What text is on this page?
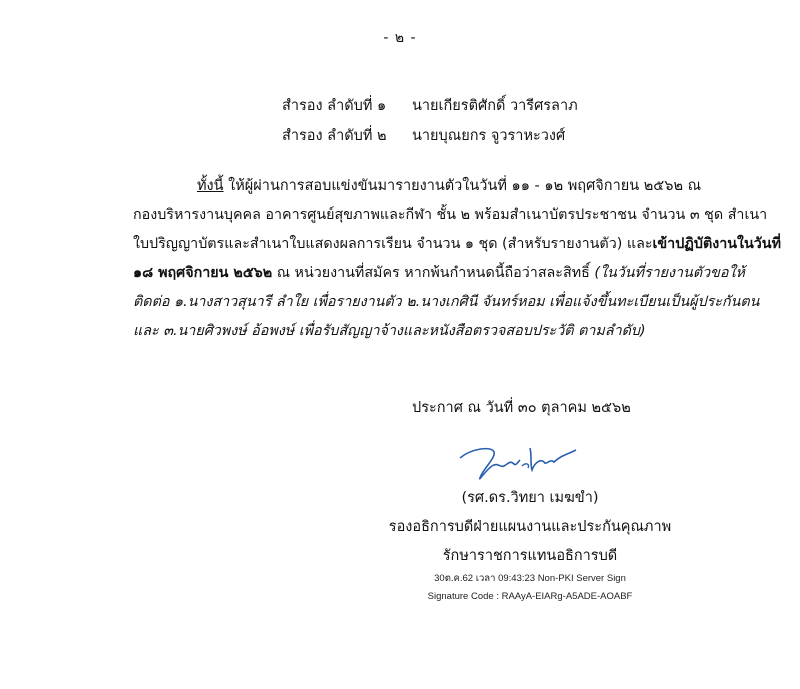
- ๒ -
สำรอง ลำดับที่ ๑ นายเกียรติศักดิ์ วารีศรลาภ
สำรอง ลำดับที่ ๒ นายบุณยกร จูวราหะวงศ์
ทั้งนี้ ให้ผู้ผ่านการสอบแข่งขันมารายงานตัวในวันที่ ๑๑ - ๑๒ พฤศจิกายน ๒๕๖๒ ณ
กองบริหารงานบุคคล อาคารศูนย์สุขภาพและกีฬา ชั้น ๒ พร้อมสำเนาบัตรประชาชน จำนวน ๓ ชุด สำเนา
ใบปริญญาบัตรและสำเนาใบแสดงผลการเรียน จำนวน ๑ ชุด (สำหรับรายงานตัว) และเข้าปฏิบัติงานในวันที่
๑๘ พฤศจิกายน ๒๕๖๒ ณ หน่วยงานที่สมัคร หากพ้นกำหนดนี้ถือว่าสละสิทธิ์ (ในวันที่รายงานตัวขอให้
ติดต่อ ๑.นางสาวสุนารี ลำใย เพื่อรายงานตัว ๒.นางเกศินี จันทร์หอม เพื่อแจ้งขึ้นทะเบียนเป็นผู้ประกันตน
และ ๓.นายศิวพงษ์ อ้อพงษ์ เพื่อรับสัญญาจ้างและหนังสือตรวจสอบประวัติ ตามลำดับ)
ประกาศ ณ วันที่ ๓๐ ตุลาคม ๒๕๖๒
(รศ.ดร.วิทยา เมฆขำ)
รองอธิการบดีฝ่ายแผนงานและประกันคุณภาพ
รักษาราชการแทนอธิการบดี
30ต.ค.62 เวลา 09:43:23 Non-PKI Server Sign
Signature Code : RAAyA-EIARg-A5ADE-AOABF
